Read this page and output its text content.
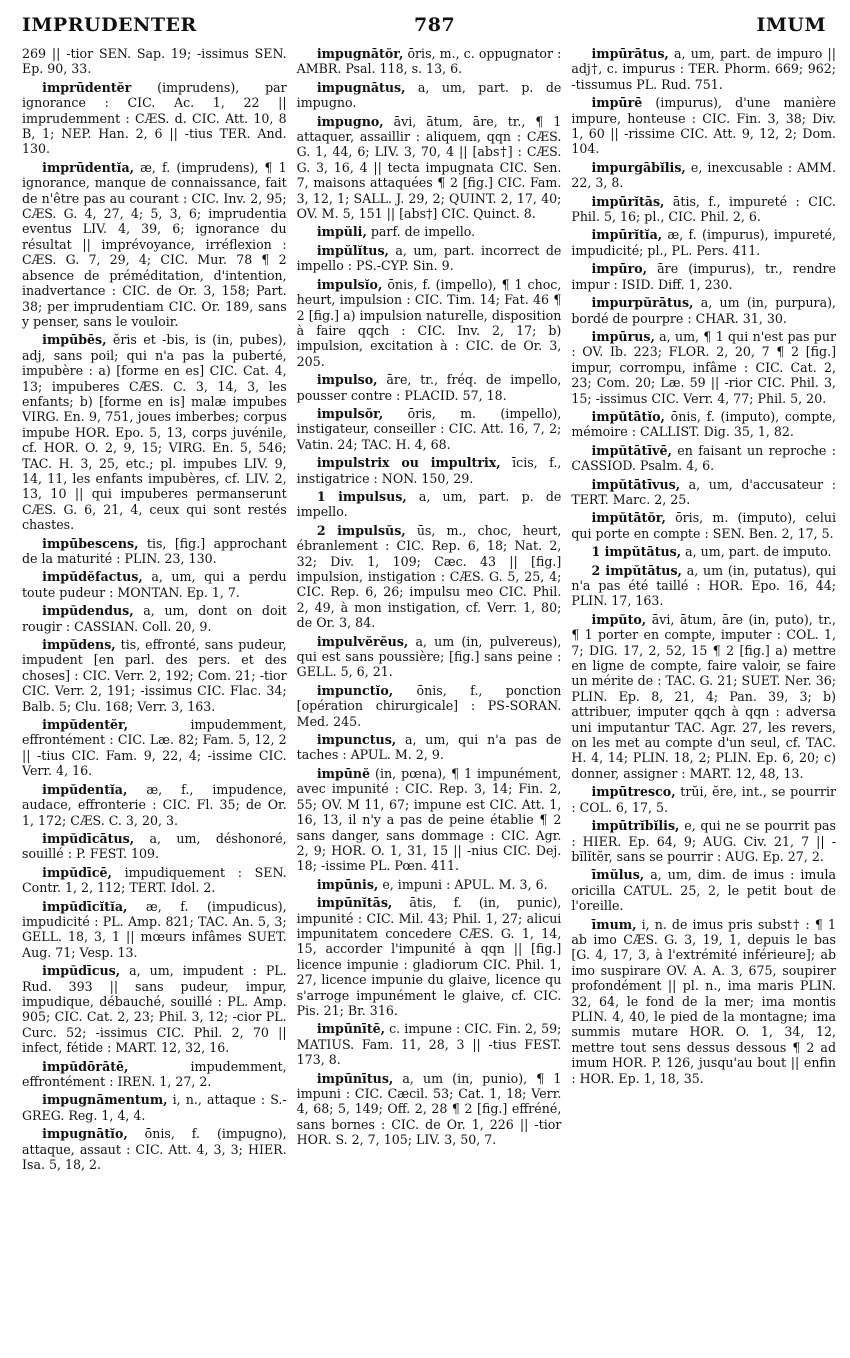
IMPRUDENTER	787	IMUM

269 || -tior SEN. Sap. 19; -issimus SEN. Ep. 90, 33.

imprūdentĕr (imprudens), par ignorance : CIC. Ac. 1, 22 || imprudemment : CÆS. d. CIC. Att. 10, 8 B, 1; NEP. Han. 2, 6 || -tius TER. And. 130.

imprūdentĭa, æ, f. (imprudens), ¶ 1 ignorance, manque de connaissance, fait de n'être pas au courant : CIC. Inv. 2, 95; CÆS. G. 4, 27, 4; 5, 3, 6; imprudentia eventus LIV. 4, 39, 6; ignorance du résultat || imprévoyance, irréflexion : CÆS. G. 7, 29, 4; CIC. Mur. 78 ¶ 2 absence de préméditation, d'intention, inadvertance : CIC. de Or. 3, 158; Part. 38; per imprudentiam CIC. Or. 189, sans y penser, sans le vouloir.

impūbēs, ĕris et -bis, is (in, pubes), adj, sans poil; qui n'a pas la puberté, impubère : a) [forme en es] CIC. Cat. 4, 13; impuberes CÆS. C. 3, 14, 3, les enfants; b) [forme en is] malæ impubes VIRG. En. 9, 751, joues imberbes; corpus impube HOR. Epo. 5, 13, corps juvénile, cf. HOR. O. 2, 9, 15; VIRG. En. 5, 546; TAC. H. 3, 25, etc.; pl. impubes LIV. 9, 14, 11, les enfants impubères, cf. LIV. 2, 13, 10 || qui impuberes permanserunt CÆS. G. 6, 21, 4, ceux qui sont restés chastes.

impūbescens, tis, [fig.] approchant de la maturité : PLIN. 23, 130.

impŭdĕfactus, a, um, qui a perdu toute pudeur : MONTAN. Ep. 1, 7.

impŭdendus, a, um, dont on doit rougir : CASSIAN. Coll. 20, 9.

impŭdens, tis, effronté, sans pudeur, impudent [en parl. des pers. et des choses] : CIC. Verr. 2, 192; Com. 21; -tior CIC. Verr. 2, 191; -issimus CIC. Flac. 34; Balb. 5; Clu. 168; Verr. 3, 163.

impŭdentĕr, impudemment, effrontément : CIC. Læ. 82; Fam. 5, 12, 2 || -tius CIC. Fam. 9, 22, 4; -issime CIC. Verr. 4, 16.

impŭdentĭa, æ, f., impudence, audace, effronterie : CIC. Fl. 35; de Or. 1, 172; CÆS. C. 3, 20, 3.

impŭdīcātus, a, um, déshonoré, souillé : P. FEST. 109.

impŭdīcē, impudiquement : SEN. Contr. 1, 2, 112; TERT. Idol. 2.

impŭdīcĭtĭa, æ, f. (impudicus), impudicité : PL. Amp. 821; TAC. An. 5, 3; GELL. 18, 3, 1 || mœurs infâmes SUET. Aug. 71; Vesp. 13.

impŭdīcus, a, um, impudent : PL. Rud. 393 || sans pudeur, impur, impudique, débauché, souillé : PL. Amp. 905; CIC. Cat. 2, 23; Phil. 3, 12; -cior PL. Curc. 52; -issimus CIC. Phil. 2, 70 || infect, fétide : MART. 12, 32, 16.

impŭdōrātē, impudemment, effrontément : IREN. 1, 27, 2.

impugnāmentum, i, n., attaque : S.-GREG. Reg. 1, 4, 4.

impugnātĭo, ōnis, f. (impugno), attaque, assaut : CIC. Att. 4, 3, 3; HIER. Isa. 5, 18, 2.

impugnātŏr, ōris, m., c. oppugnator : AMBR. Psal. 118, s. 13, 6.

impugnātus, a, um, part. p. de impugno.

impugno, āvi, ātum, āre, tr., ¶ 1 attaquer, assaillir : aliquem, qqn : CÆS. G. 1, 44, 6; LIV. 3, 70, 4 || [abs†] : CÆS. G. 3, 16, 4 || tecta impugnata CIC. Sen. 7, maisons attaquées ¶ 2 [fig.] CIC. Fam. 3, 12, 1; SALL. J. 29, 2; QUINT. 2, 17, 40; OV. M. 5, 151 || [abs†] CIC. Quinct. 8.

impŭli, parf. de impello.

impŭlĭtus, a, um, part. incorrect de impello : PS.-CYP. Sin. 9.

impulsĭo, ōnis, f. (impello), ¶ 1 choc, heurt, impulsion : CIC. Tim. 14; Fat. 46 ¶ 2 [fig.] a) impulsion naturelle, disposition à faire qqch : CIC. Inv. 2, 17; b) impulsion, excitation à : CIC. de Or. 3, 205.

impulso, āre, tr., fréq. de impello, pousser contre : PLACID. 57, 18.

impulsŏr, ōris, m. (impello), instigateur, conseiller : CIC. Att. 16, 7, 2; Vatin. 24; TAC. H. 4, 68.

impulstrix ou impultrix, īcis, f., instigatrice : NON. 150, 29.

1 impulsus, a, um, part. p. de impello.

2 impulsŭs, ūs, m., choc, heurt, ébranlement : CIC. Rep. 6, 18; Nat. 2, 32; Div. 1, 109; Cæc. 43 || [fig.] impulsion, instigation : CÆS. G. 5, 25, 4; CIC. Rep. 6, 26; impulsu meo CIC. Phil. 2, 49, à mon instigation, cf. Verr. 1, 80; de Or. 3, 84.

impulvĕrĕus, a, um (in, pulvereus), qui est sans poussière; [fig.] sans peine : GELL. 5, 6, 21.

impunctĭo, ōnis, f., ponction [opération chirurgicale] : PS-SORAN. Med. 245.

impunctus, a, um, qui n'a pas de taches : APUL. M. 2, 9.

impūnĕ (in, pœna), ¶ 1 impunément, avec impunité : CIC. Rep. 3, 14; Fin. 2, 55; OV. M 11, 67; impune est CIC. Att. 1, 16, 13, il n'y a pas de peine établie ¶ 2 sans danger, sans dommage : CIC. Agr. 2, 9; HOR. O. 1, 31, 15 || -nius CIC. Dej. 18; -issime PL. Pœn. 411.

impūnis, e, impuni : APUL. M. 3, 6.

impūnĭtās, ātis, f. (in, punic), impunité : CIC. Mil. 43; Phil. 1, 27; alicui impunitatem concedere CÆS. G. 1, 14, 15, accorder l'impunité à qqn || [fig.] licence impunie : gladiorum CIC. Phil. 1, 27, licence impunie du glaive, licence qu s'arroge impunément le glaive, cf. CIC. Pis. 21; Br. 316.

impūnītē, c. impune : CIC. Fin. 2, 59; MATIUS. Fam. 11, 28, 3 || -tius FEST. 173, 8.

impūnītus, a, um (in, punio), ¶ 1 impuni : CIC. Cæcil. 53; Cat. 1, 18; Verr. 4, 68; 5, 149; Off. 2, 28 ¶ 2 [fig.] effréné, sans bornes : CIC. de Or. 1, 226 || -tior HOR. S. 2, 7, 105; LIV. 3, 50, 7.

impūrātus, a, um, part. de impuro || adj†, c. impurus : TER. Phorm. 669; 962; -tissumus PL. Rud. 751.

impūrē (impurus), d'une manière impure, honteuse : CIC. Fin. 3, 38; Div. 1, 60 || -rissime CIC. Att. 9, 12, 2; Dom. 104.

impurgābĭlis, e, inexcusable : AMM. 22, 3, 8.

impūrĭtās, ātis, f., impureté : CIC. Phil. 5, 16; pl., CIC. Phil. 2, 6.

impūrĭtĭa, æ, f. (impurus), impureté, impudicité; pl., PL. Pers. 411.

impūro, āre (impurus), tr., rendre impur : ISID. Diff. 1, 230.

impurpŭrātus, a, um (in, purpura), bordé de pourpre : CHAR. 31, 30.

impūrus, a, um, ¶ 1 qui n'est pas pur : OV. Ib. 223; FLOR. 2, 20, 7 ¶ 2 [fig.] impur, corrompu, infâme : CIC. Cat. 2, 23; Com. 20; Læ. 59 || -rior CIC. Phil. 3, 15; -issimus CIC. Verr. 4, 77; Phil. 5, 20.

impŭtātĭo, ōnis, f. (imputo), compte, mémoire : CALLIST. Dig. 35, 1, 82.

impŭtātīvē, en faisant un reproche : CASSIOD. Psalm. 4, 6.

impŭtātīvus, a, um, d'accusateur : TERT. Marc. 2, 25.

impŭtātŏr, ōris, m. (imputo), celui qui porte en compte : SEN. Ben. 2, 17, 5.

1 impŭtātus, a, um, part. de imputo.

2 impŭtātus, a, um (in, putatus), qui n'a pas été taillé : HOR. Epo. 16, 44; PLIN. 17, 163.

impŭto, āvi, ātum, āre (in, puto), tr., ¶ 1 porter en compte, imputer : COL. 1, 7; DIG. 17, 2, 52, 15 ¶ 2 [fig.] a) mettre en ligne de compte, faire valoir, se faire un mérite de : TAC. G. 21; SUET. Ner. 36; PLIN. Ep. 8, 21, 4; Pan. 39, 3; b) attribuer, imputer qqch à qqn : adversa uni imputantur TAC. Agr. 27, les revers, on les met au compte d'un seul, cf. TAC. H. 4, 14; PLIN. 18, 2; PLIN. Ep. 6, 20; c) donner, assigner : MART. 12, 48, 13.

impūtresco, trŭi, ĕre, int., se pourrir : COL. 6, 17, 5.

impūtrĭbĭlis, e, qui ne se pourrit pas : HIER. Ep. 64, 9; AUG. Civ. 21, 7 || -bĭlĭtĕr, sans se pourrir : AUG. Ep. 27, 2.

īmŭlus, a, um, dim. de imus : imula oricilla CATUL. 25, 2, le petit bout de l'oreille.

īmum, i, n. de imus pris subst† : ¶ 1 ab imo CÆS. G. 3, 19, 1, depuis le bas [G. 4, 17, 3, à l'extrémité inférieure]; ab imo suspirare OV. A. A. 3, 675, soupirer profondément || pl. n., ima maris PLIN. 32, 64, le fond de la mer; ima montis PLIN. 4, 40, le pied de la montagne; ima summis mutare HOR. O. 1, 34, 12, mettre tout sens dessus dessous ¶ 2 ad imum HOR. P. 126, jusqu'au bout || enfin : HOR. Ep. 1, 18, 35.
